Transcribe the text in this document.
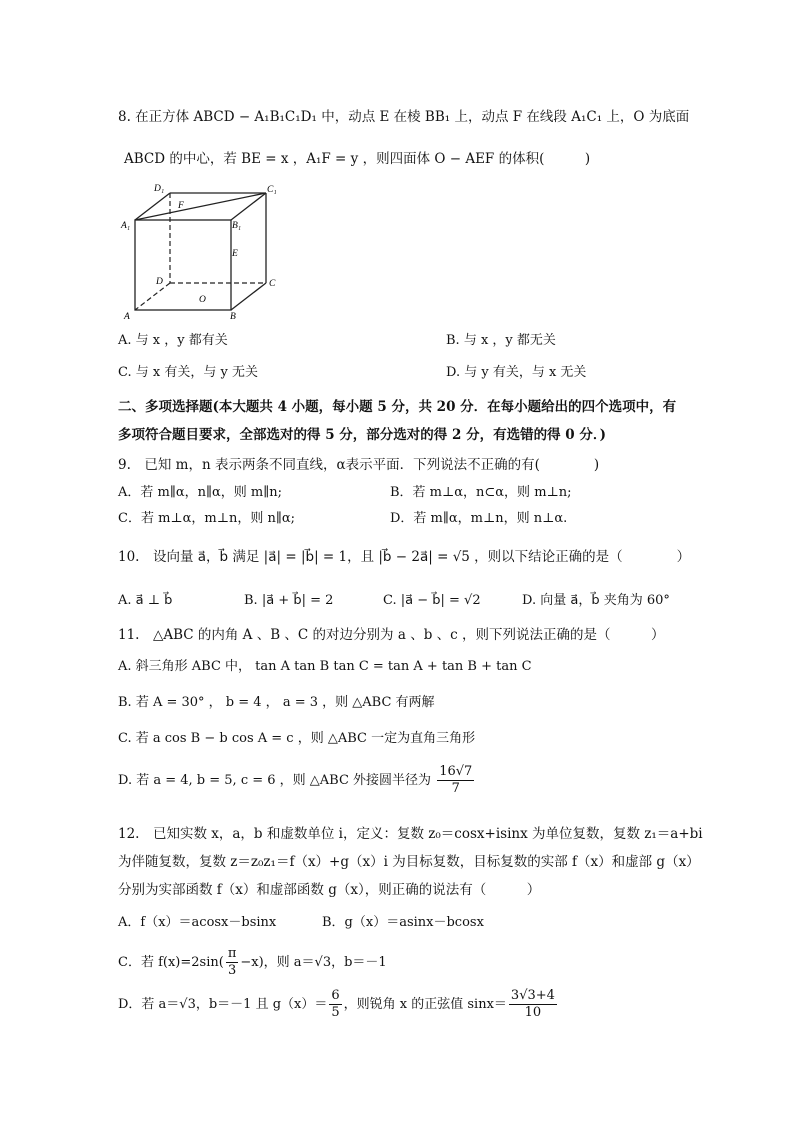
8. 在正方体 ABCD − A₁B₁C₁D₁ 中，动点 E 在棱 BB₁ 上，动点 F 在线段 A₁C₁ 上，O 为底面
ABCD 的中心，若 BE = x ，A₁F = y ，则四面体 O − AEF 的体积(　　　)
D₁	C₁
A₁	B₁
F
E
D	C
A	B
O
A. 与 x ，y 都有关	B. 与 x ，y 都无关
C. 与 x 有关，与 y 无关	D. 与 y 有关，与 x 无关
二、多项选择题(本大题共 4 小题，每小题 5 分，共 20 分．在每小题给出的四个选项中，有
多项符合题目要求，全部选对的得 5 分，部分选对的得 2 分，有选错的得 0 分．)
9.　已知 m，n 表示两条不同直线，α表示平面．下列说法不正确的有(　　　　)
A．若 m∥α，n∥α，则 m∥n;	B．若 m⊥α，n⊂α，则 m⊥n;
C．若 m⊥α，m⊥n，则 n∥α;	D．若 m∥α，m⊥n，则 n⊥α.
10.　设向量 a⃗，b⃗ 满足 |a⃗| = |b⃗| = 1，且 |b⃗ − 2a⃗| = √5 ，则以下结论正确的是（　　　　）
A. a⃗ ⊥ b⃗	B. |a⃗ + b⃗| = 2	C. |a⃗ − b⃗| = √2	D. 向量 a⃗，b⃗ 夹角为 60°
11.　△ABC 的内角 A 、B 、C 的对边分别为 a 、b 、c ，则下列说法正确的是（　　　）
A. 斜三角形 ABC 中， tan A tan B tan C = tan A + tan B + tan C
B. 若 A = 30° ， b = 4 ， a = 3 ，则 △ABC 有两解
C. 若 a cos B − b cos A = c ，则 △ABC 一定为直角三角形
D. 若 a = 4, b = 5, c = 6 ，则 △ABC 外接圆半径为 $\frac{16√7}{7}$
12.　已知实数 x，a，b 和虚数单位 i，定义：复数 z₀＝cosx+isinx 为单位复数，复数 z₁＝a+bi
为伴随复数，复数 z＝z₀z₁＝f（x）+g（x）i 为目标复数，目标复数的实部 f（x）和虚部 g（x）
分别为实部函数 f（x）和虚部函数 g（x），则正确的说法有（　　　）
A．f（x）＝acosx－bsinx	B．g（x）＝asinx－bcosx
C．若 $f(x)=2\sin( \frac{\pi}{3} -x)$，则 a＝√3，b＝－1
D．若 a＝√3，b＝－1 且 $g(x)= \frac{6}{5}$ ，则锐角 x 的正弦值 $\sin x= \frac{3√3+4}{10}$
